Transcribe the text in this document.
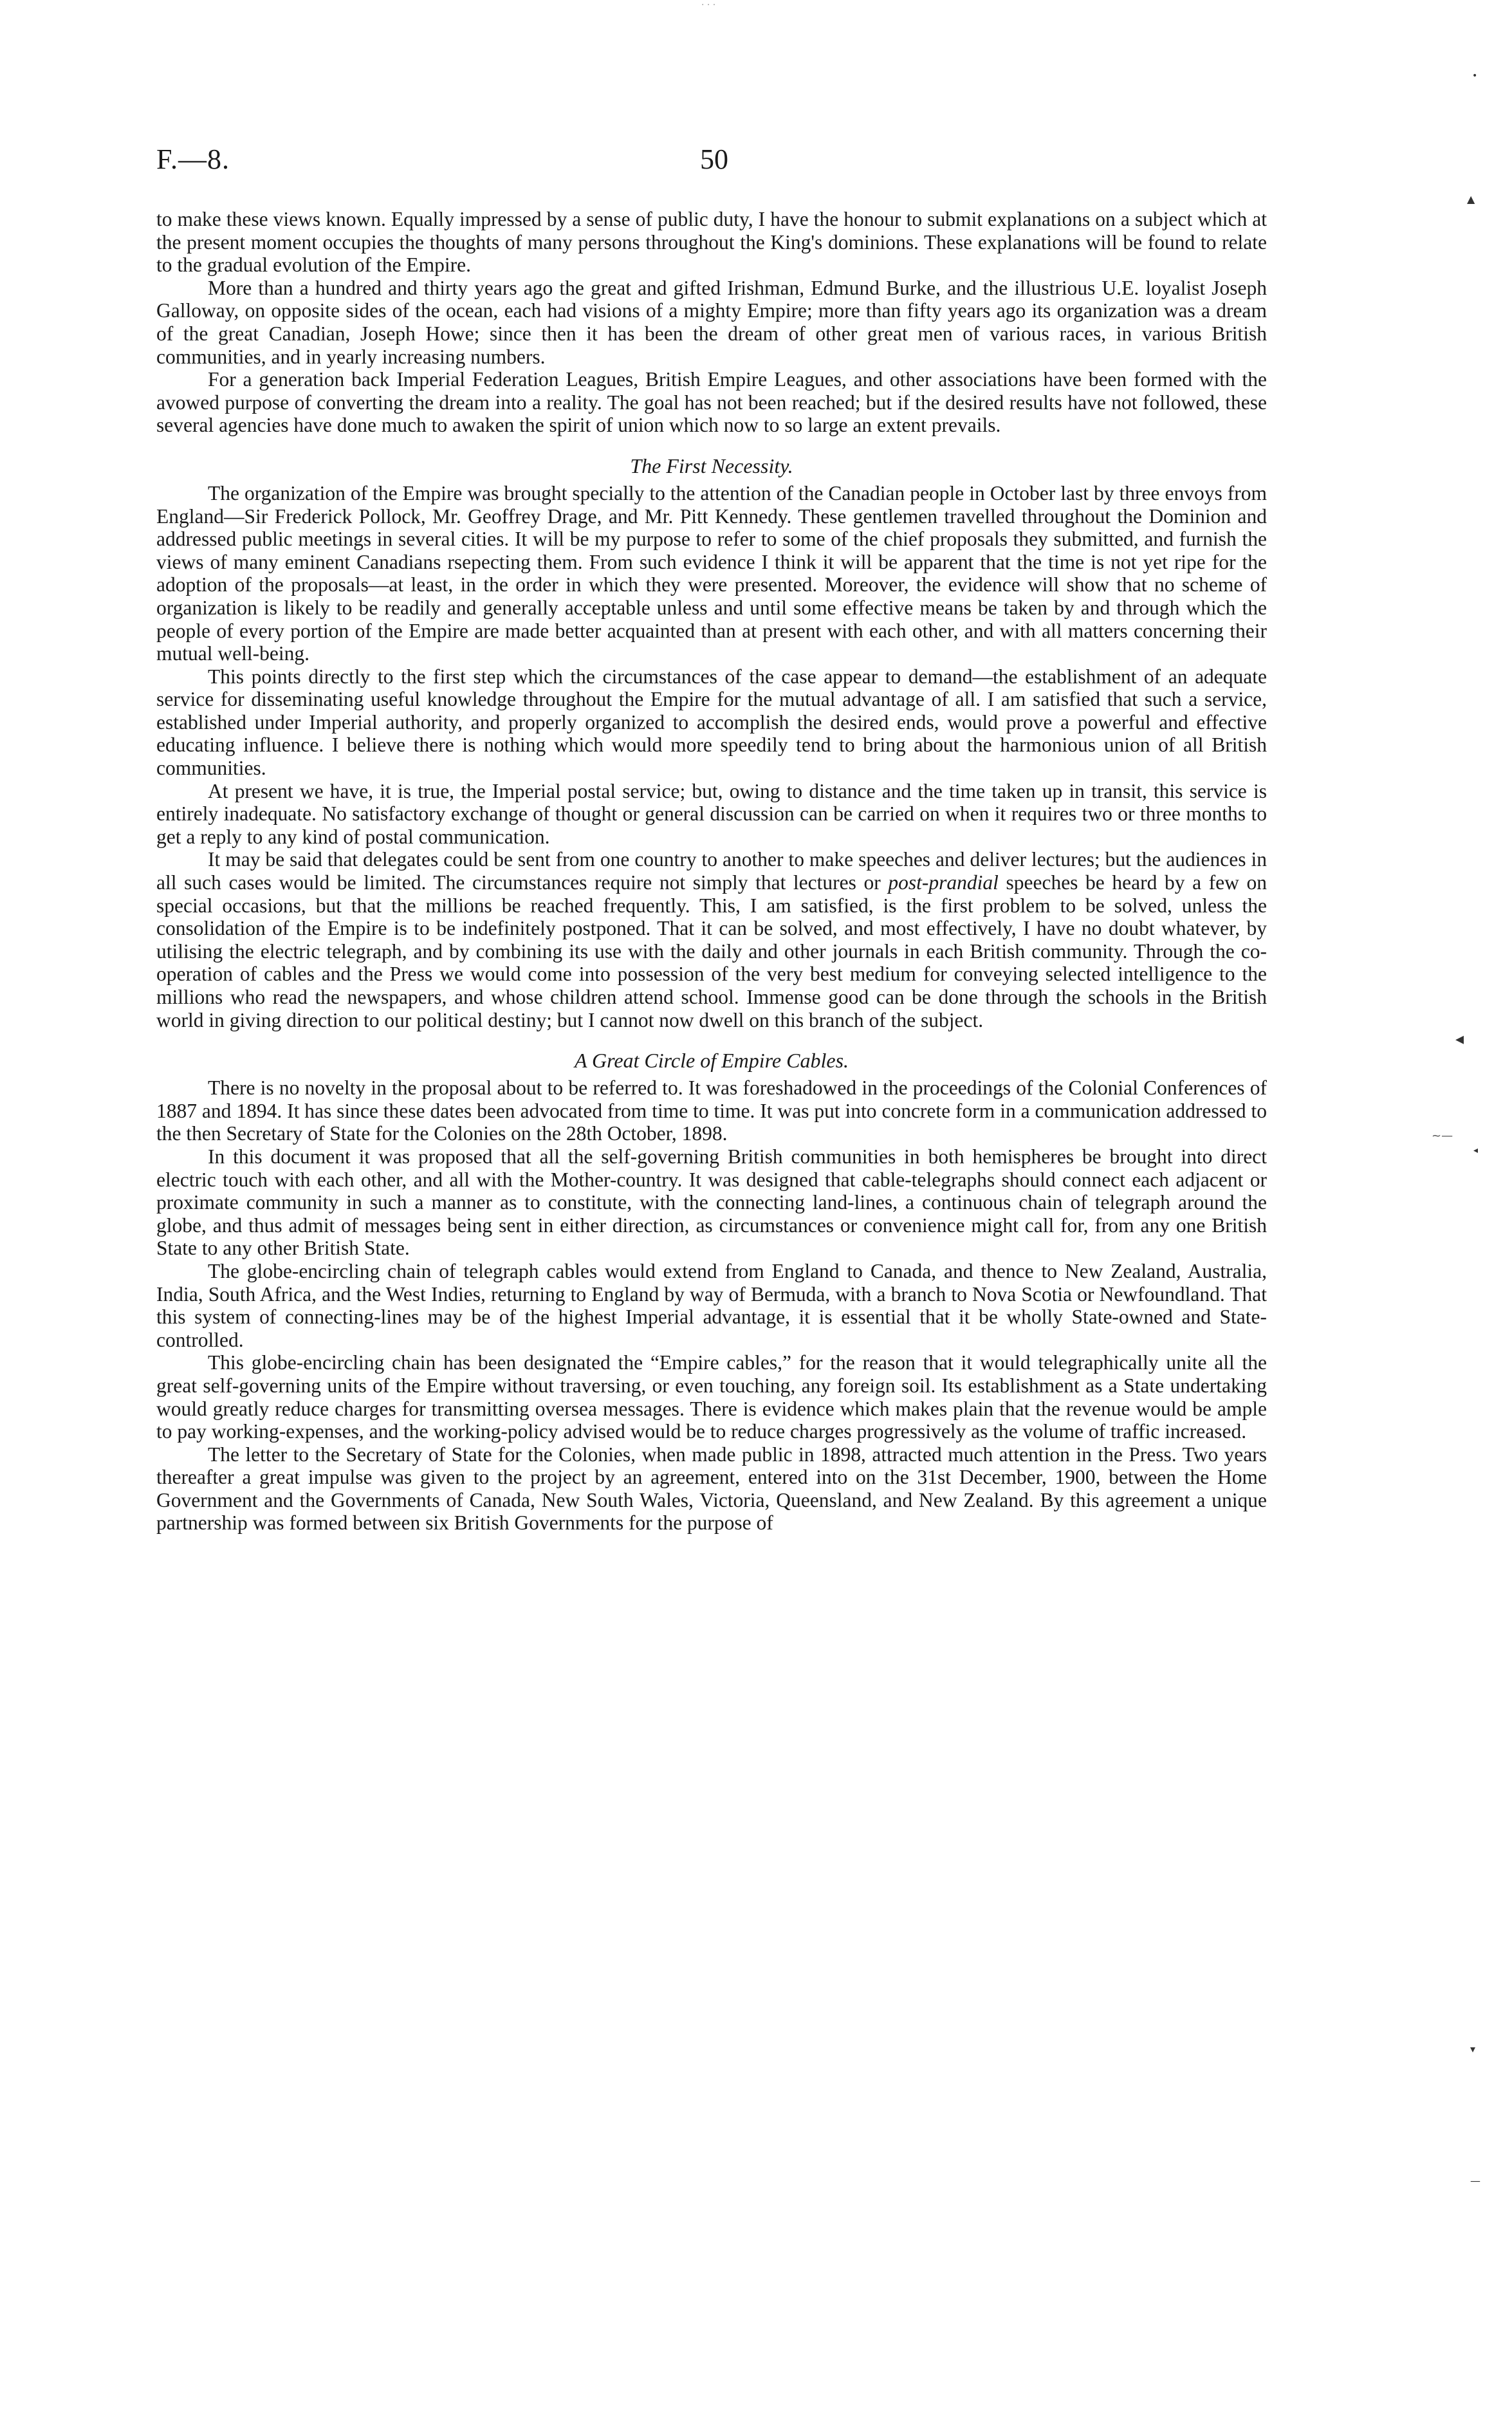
· · ·
•
▲
◂
~—
◂
▾
—
F.—8.	50

to make these views known. Equally impressed by a sense of public duty, I have the honour to submit explanations on a subject which at the present moment occupies the thoughts of many persons throughout the King's dominions. These explanations will be found to relate to the gradual evolution of the Empire.

More than a hundred and thirty years ago the great and gifted Irishman, Edmund Burke, and the illustrious U.E. loyalist Joseph Galloway, on opposite sides of the ocean, each had visions of a mighty Empire; more than fifty years ago its organization was a dream of the great Canadian, Joseph Howe; since then it has been the dream of other great men of various races, in various British communities, and in yearly increasing numbers.

For a generation back Imperial Federation Leagues, British Empire Leagues, and other associations have been formed with the avowed purpose of converting the dream into a reality. The goal has not been reached; but if the desired results have not followed, these several agencies have done much to awaken the spirit of union which now to so large an extent prevails.

The First Necessity.

The organization of the Empire was brought specially to the attention of the Canadian people in October last by three envoys from England—Sir Frederick Pollock, Mr. Geoffrey Drage, and Mr. Pitt Kennedy. These gentlemen travelled throughout the Dominion and addressed public meetings in several cities. It will be my purpose to refer to some of the chief proposals they submitted, and furnish the views of many eminent Canadians rsepecting them. From such evidence I think it will be apparent that the time is not yet ripe for the adoption of the proposals—at least, in the order in which they were presented. Moreover, the evidence will show that no scheme of organization is likely to be readily and generally acceptable unless and until some effective means be taken by and through which the people of every portion of the Empire are made better acquainted than at present with each other, and with all matters concerning their mutual well-being.

This points directly to the first step which the circumstances of the case appear to demand—the establishment of an adequate service for disseminating useful knowledge throughout the Empire for the mutual advantage of all. I am satisfied that such a service, established under Imperial authority, and properly organized to accomplish the desired ends, would prove a powerful and effective educating influence. I believe there is nothing which would more speedily tend to bring about the harmonious union of all British communities.

At present we have, it is true, the Imperial postal service; but, owing to distance and the time taken up in transit, this service is entirely inadequate. No satisfactory exchange of thought or general discussion can be carried on when it requires two or three months to get a reply to any kind of postal communication.

It may be said that delegates could be sent from one country to another to make speeches and deliver lectures; but the audiences in all such cases would be limited. The circumstances require not simply that lectures or post-prandial speeches be heard by a few on special occasions, but that the millions be reached frequently. This, I am satisfied, is the first problem to be solved, unless the consolidation of the Empire is to be indefinitely postponed. That it can be solved, and most effectively, I have no doubt whatever, by utilising the electric telegraph, and by combining its use with the daily and other journals in each British community. Through the co-operation of cables and the Press we would come into possession of the very best medium for conveying selected intelligence to the millions who read the newspapers, and whose children attend school. Immense good can be done through the schools in the British world in giving direction to our political destiny; but I cannot now dwell on this branch of the subject.

A Great Circle of Empire Cables.

There is no novelty in the proposal about to be referred to. It was foreshadowed in the proceedings of the Colonial Conferences of 1887 and 1894. It has since these dates been advocated from time to time. It was put into concrete form in a communication addressed to the then Secretary of State for the Colonies on the 28th October, 1898.

In this document it was proposed that all the self-governing British communities in both hemispheres be brought into direct electric touch with each other, and all with the Mother-country. It was designed that cable-telegraphs should connect each adjacent or proximate community in such a manner as to constitute, with the connecting land-lines, a continuous chain of telegraph around the globe, and thus admit of messages being sent in either direction, as circumstances or convenience might call for, from any one British State to any other British State.

The globe-encircling chain of telegraph cables would extend from England to Canada, and thence to New Zealand, Australia, India, South Africa, and the West Indies, returning to England by way of Bermuda, with a branch to Nova Scotia or Newfoundland. That this system of connecting-lines may be of the highest Imperial advantage, it is essential that it be wholly State-owned and State-controlled.

This globe-encircling chain has been designated the “Empire cables,” for the reason that it would telegraphically unite all the great self-governing units of the Empire without traversing, or even touching, any foreign soil. Its establishment as a State undertaking would greatly reduce charges for transmitting oversea messages. There is evidence which makes plain that the revenue would be ample to pay working-expenses, and the working-policy advised would be to reduce charges progressively as the volume of traffic increased.

The letter to the Secretary of State for the Colonies, when made public in 1898, attracted much attention in the Press. Two years thereafter a great impulse was given to the project by an agreement, entered into on the 31st December, 1900, between the Home Government and the Governments of Canada, New South Wales, Victoria, Queensland, and New Zealand. By this agreement a unique partnership was formed between six British Governments for the purpose of
